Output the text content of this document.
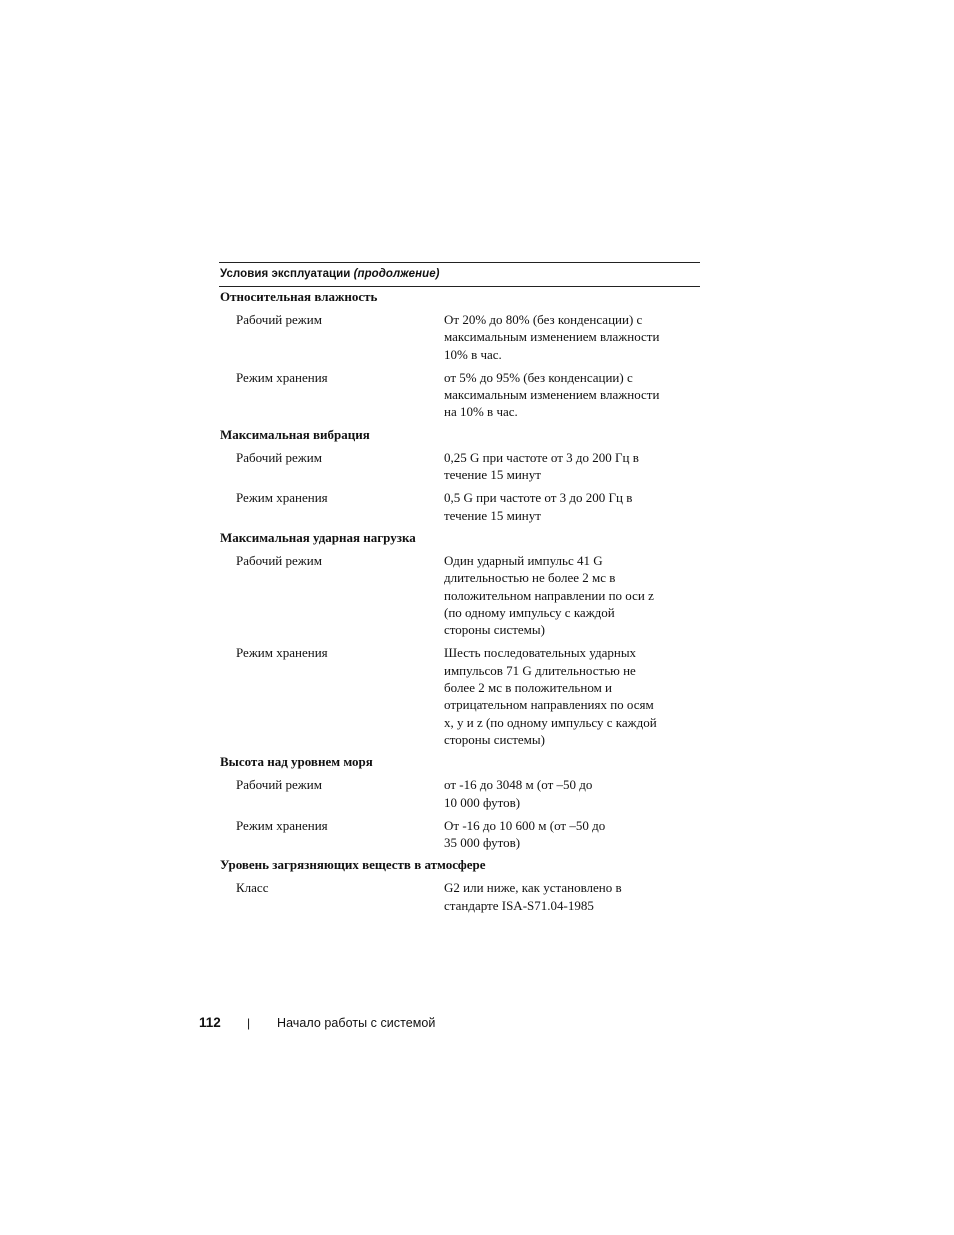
Условия эксплуатации (продолжение)
Относительная влажность
Рабочий режим	От 20% до 80% (без конденсации) с
максимальным изменением влажности
10% в час.
Режим хранения	от 5% до 95% (без конденсации) с
максимальным изменением влажности
на 10% в час.
Максимальная вибрация
Рабочий режим	0,25 G при частоте от 3 до 200 Гц в
течение 15 минут
Режим хранения	0,5 G при частоте от 3 до 200 Гц в
течение 15 минут
Максимальная ударная нагрузка
Рабочий режим	Один ударный импульс 41 G
длительностью не более 2 мс в
положительном направлении по оси z
(по одному импульсу с каждой
стороны системы)
Режим хранения	Шесть последовательных ударных
импульсов 71 G длительностью не
более 2 мс в положительном и
отрицательном направлениях по осям
x, y и z (по одному импульсу с каждой
стороны системы)
Высота над уровнем моря
Рабочий режим	от -16 до 3048 м (от –50 до
10 000 футов)
Режим хранения	От -16 до 10 600 м (от –50 до
35 000 футов)
Уровень загрязняющих веществ в атмосфере
Класс	G2 или ниже, как установлено в
стандарте ISA-S71.04-1985
112	|	Начало работы с системой
